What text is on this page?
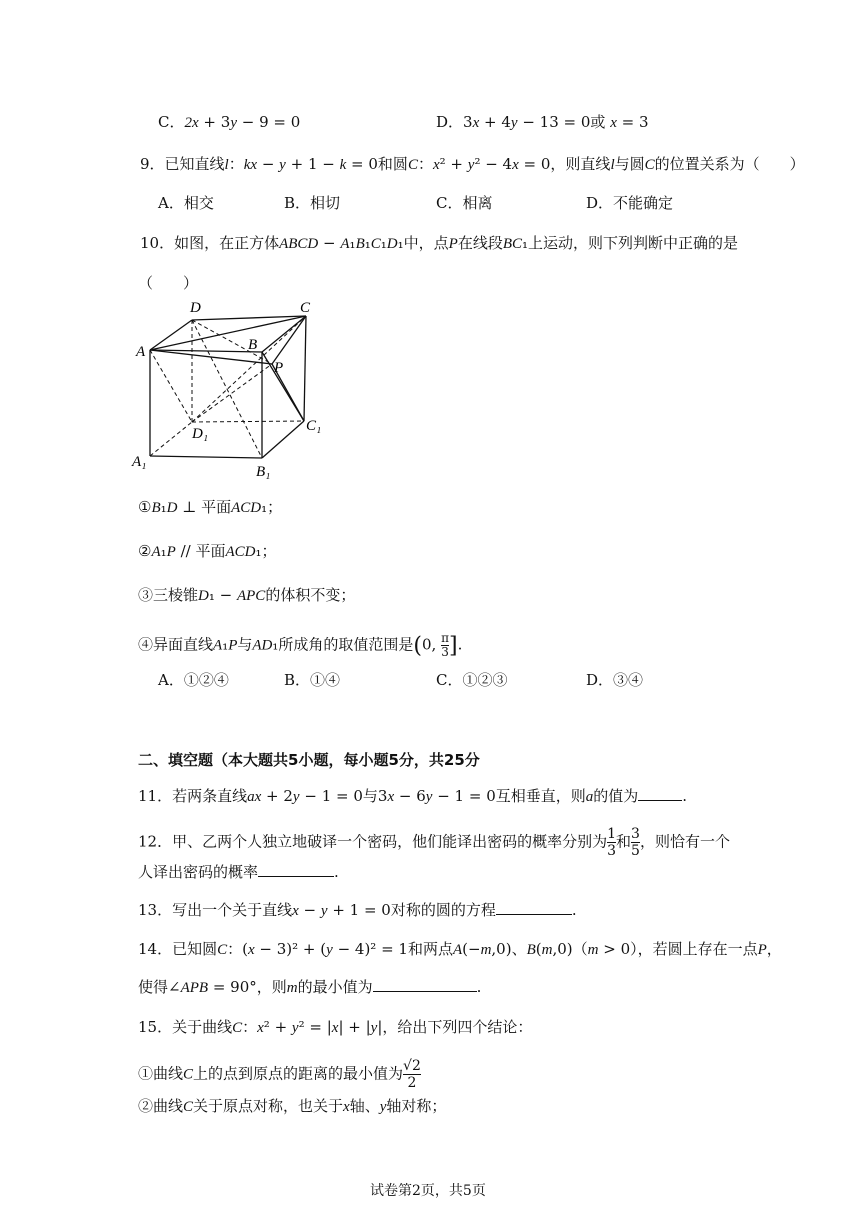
C．2x + 3y − 9 = 0	D．3x + 4y − 13 = 0或 x = 3
9．已知直线l：kx − y + 1 − k = 0和圆C：x² + y² − 4x = 0，则直线l与圆C的位置关系为（　　）
A．相交	B．相切	C．相离	D．不能确定
10．如图，在正方体ABCD − A₁B₁C₁D₁中，点P在线段BC₁上运动，则下列判断中正确的是
（　　）
D	C
A	B
P
D₁	C₁
A₁
B₁
①B₁D ⊥ 平面ACD₁；
②A₁P // 平面ACD₁；
③三棱锥D₁ − APC的体积不变；
④异面直线A₁P与AD₁所成角的取值范围是(0, $\frac{\pi}{3}$ ].
A．①②④	B．①④	C．①②③	D．③④
二、填空题（本大题共5小题，每小题5分，共25分
11．若两条直线ax + 2y − 1 = 0与3x − 6y − 1 = 0互相垂直，则a的值为	.
12．甲、乙两个人独立地破译一个密码，他们能译出密码的概率分别为 $\frac{1}{3}$ 和 $\frac{3}{5}$ ，则恰有一个
人译出密码的概率	.
13．写出一个关于直线x − y + 1 = 0对称的圆的方程	.
14．已知圆C：(x − 3)² + (y − 4)² = 1和两点A(−m,0)、B(m,0)（m > 0），若圆上存在一点P，
使得∠APB = 90°，则m的最小值为	.
15．关于曲线C：x² + y² = |x| + |y|，给出下列四个结论：
①曲线C上的点到原点的距离的最小值为 $\frac{√2}{2}$
②曲线C关于原点对称，也关于x轴、y轴对称；
试卷第2页，共5页
